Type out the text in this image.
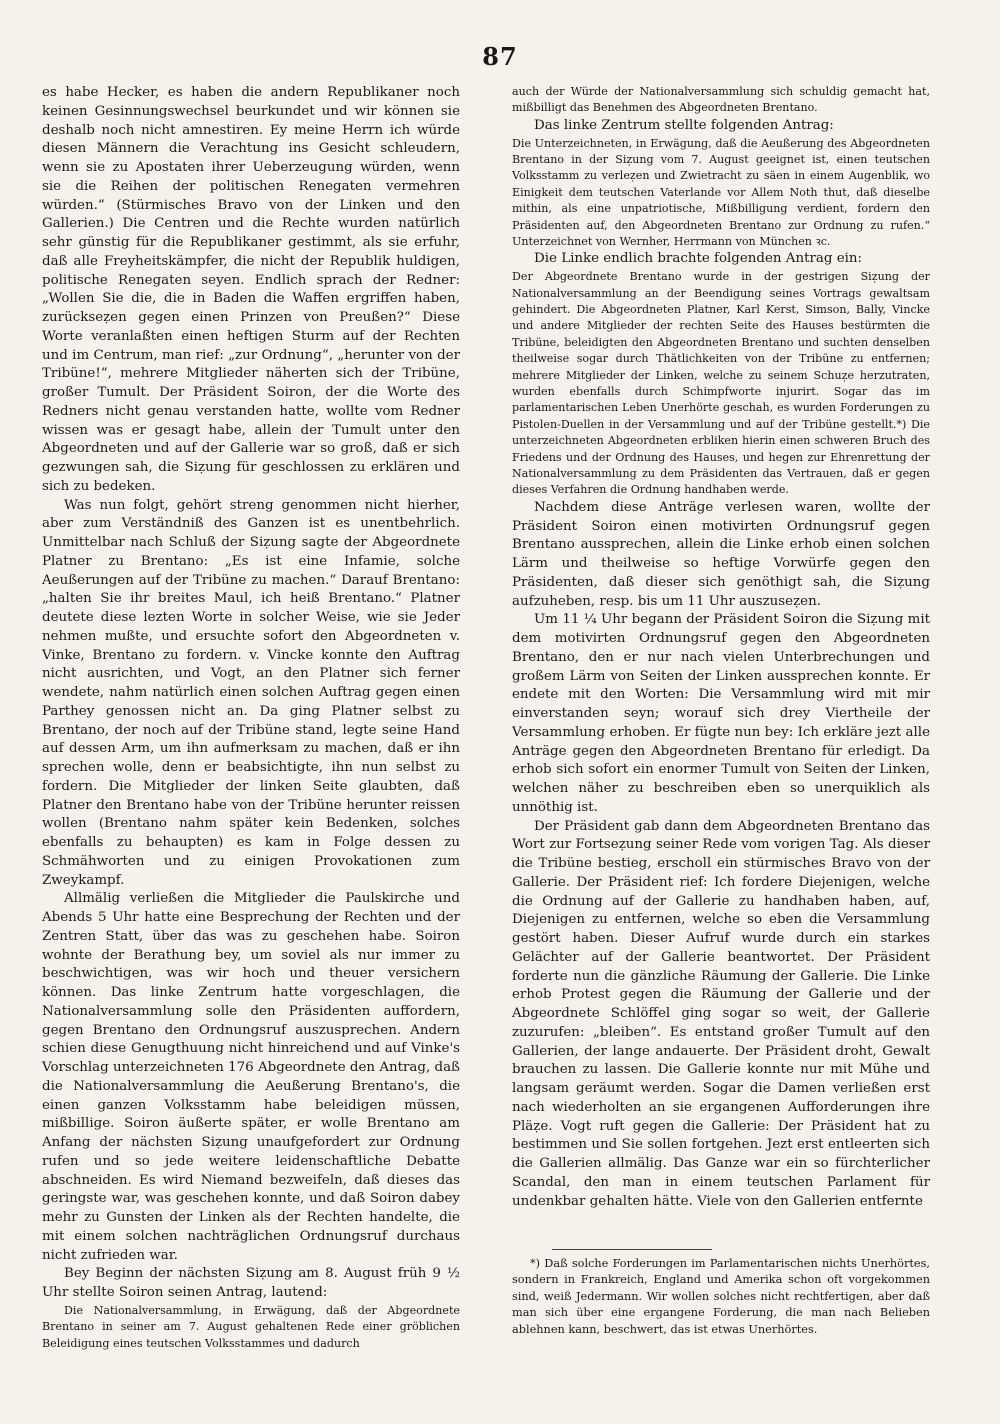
87

es habe Hecker, es haben die andern Republikaner noch keinen Gesinnungswechsel beurkundet und wir können sie deshalb noch nicht amnestiren. Ey meine Herrn ich würde diesen Männern die Verachtung ins Gesicht schleudern, wenn sie zu Apostaten ihrer Ueberzeugung würden, wenn sie die Reihen der politischen Renegaten vermehren würden.“ (Stürmisches Bravo von der Linken und den Gallerien.) Die Centren und die Rechte wurden natürlich sehr günstig für die Republikaner gestimmt, als sie erfuhr, daß alle Freyheitskämpfer, die nicht der Republik huldigen, politische Renegaten seyen. Endlich sprach der Redner: „Wollen Sie die, die in Baden die Waffen ergriffen haben, zurückseẓen gegen einen Prinzen von Preußen?“ Diese Worte veranlaßten einen heftigen Sturm auf der Rechten und im Centrum, man rief: „zur Ordnung“, „herunter von der Tribüne!“, mehrere Mitglieder näherten sich der Tribüne, großer Tumult. Der Präsident Soiron, der die Worte des Redners nicht genau verstanden hatte, wollte vom Redner wissen was er gesagt habe, allein der Tumult unter den Abgeordneten und auf der Gallerie war so groß, daß er sich gezwungen sah, die Siẓung für geschlossen zu erklären und sich zu bedeken.

Was nun folgt, gehört streng genommen nicht hierher, aber zum Verständniß des Ganzen ist es unentbehrlich. Unmittelbar nach Schluß der Siẓung sagte der Abgeordnete Platner zu Brentano: „Es ist eine Infamie, solche Aeußerungen auf der Tribüne zu machen.“ Darauf Brentano: „halten Sie ihr breites Maul, ich heiß Brentano.“ Platner deutete diese lezten Worte in solcher Weise, wie sie Jeder nehmen mußte, und ersuchte sofort den Abgeordneten v. Vinke, Brentano zu fordern. v. Vincke konnte den Auftrag nicht ausrichten, und Vogt, an den Platner sich ferner wendete, nahm natürlich einen solchen Auftrag gegen einen Parthey genossen nicht an. Da ging Platner selbst zu Brentano, der noch auf der Tribüne stand, legte seine Hand auf dessen Arm, um ihn aufmerksam zu machen, daß er ihn sprechen wolle, denn er beabsichtigte, ihn nun selbst zu fordern. Die Mitglieder der linken Seite glaubten, daß Platner den Brentano habe von der Tribüne herunter reissen wollen (Brentano nahm später kein Bedenken, solches ebenfalls zu behaupten) es kam in Folge dessen zu Schmähworten und zu einigen Provokationen zum Zweykampf.

Allmälig verließen die Mitglieder die Paulskirche und Abends 5 Uhr hatte eine Besprechung der Rechten und der Zentren Statt, über das was zu geschehen habe. Soiron wohnte der Berathung bey, um soviel als nur immer zu beschwichtigen, was wir hoch und theuer versichern können. Das linke Zentrum hatte vorgeschlagen, die Nationalversammlung solle den Präsidenten auffordern, gegen Brentano den Ordnungsruf auszusprechen. Andern schien diese Genugthuung nicht hinreichend und auf Vinke's Vorschlag unterzeichneten 176 Abgeordnete den Antrag, daß die Nationalversammlung die Aeußerung Brentano's, die einen ganzen Volksstamm habe beleidigen müssen, mißbillige. Soiron äußerte später, er wolle Brentano am Anfang der nächsten Siẓung unaufgefordert zur Ordnung rufen und so jede weitere leidenschaftliche Debatte abschneiden. Es wird Niemand bezweifeln, daß dieses das geringste war, was geschehen konnte, und daß Soiron dabey mehr zu Gunsten der Linken als der Rechten handelte, die mit einem solchen nachträglichen Ordnungsruf durchaus nicht zufrieden war.

Bey Beginn der nächsten Siẓung am 8. August früh 9 ½ Uhr stellte Soiron seinen Antrag, lautend:

Die Nationalversammlung, in Erwägung, daß der Abgeordnete Brentano in seiner am 7. August gehaltenen Rede einer gröblichen Beleidigung eines teutschen Volksstammes und dadurch

auch der Würde der Nationalversammlung sich schuldig gemacht hat, mißbilligt das Benehmen des Abgeordneten Brentano.

Das linke Zentrum stellte folgenden Antrag:

Die Unterzeichneten, in Erwägung, daß die Aeußerung des Abgeordneten Brentano in der Siẓung vom 7. August geeignet ist, einen teutschen Volksstamm zu verleẓen und Zwietracht zu säen in einem Augenblik, wo Einigkeit dem teutschen Vaterlande vor Allem Noth thut, daß dieselbe mithin, als eine unpatriotische, Mißbilligung verdient, fordern den Präsidenten auf, den Abgeordneten Brentano zur Ordnung zu rufen.“ Unterzeichnet von Wernher, Herrmann von München ꝛc.

Die Linke endlich brachte folgenden Antrag ein:

Der Abgeordnete Brentano wurde in der gestrigen Siẓung der Nationalversammlung an der Beendigung seines Vortrags gewaltsam gehindert. Die Abgeordneten Platner, Karl Kerst, Simson, Bally, Vincke und andere Mitglieder der rechten Seite des Hauses bestürmten die Tribüne, beleidigten den Abgeordneten Brentano und suchten denselben theilweise sogar durch Thätlichkeiten von der Tribüne zu entfernen; mehrere Mitglieder der Linken, welche zu seinem Schuẓe herzutraten, wurden ebenfalls durch Schimpfworte injurirt. Sogar das im parlamentarischen Leben Unerhörte geschah, es wurden Forderungen zu Pistolen-Duellen in der Versammlung und auf der Tribüne gestellt.*) Die unterzeichneten Abgeordneten erbliken hierin einen schweren Bruch des Friedens und der Ordnung des Hauses, und hegen zur Ehrenrettung der Nationalversammlung zu dem Präsidenten das Vertrauen, daß er gegen dieses Verfahren die Ordnung handhaben werde.

Nachdem diese Anträge verlesen waren, wollte der Präsident Soiron einen motivirten Ordnungsruf gegen Brentano aussprechen, allein die Linke erhob einen solchen Lärm und theilweise so heftige Vorwürfe gegen den Präsidenten, daß dieser sich genöthigt sah, die Siẓung aufzuheben, resp. bis um 11 Uhr auszuseẓen.

Um 11 ¼ Uhr begann der Präsident Soiron die Siẓung mit dem motivirten Ordnungsruf gegen den Abgeordneten Brentano, den er nur nach vielen Unterbrechungen und großem Lärm von Seiten der Linken aussprechen konnte. Er endete mit den Worten: Die Versammlung wird mit mir einverstanden seyn; worauf sich drey Viertheile der Versammlung erhoben. Er fügte nun bey: Ich erkläre jezt alle Anträge gegen den Abgeordneten Brentano für erledigt. Da erhob sich sofort ein enormer Tumult von Seiten der Linken, welchen näher zu beschreiben eben so unerquiklich als unnöthig ist.

Der Präsident gab dann dem Abgeordneten Brentano das Wort zur Fortseẓung seiner Rede vom vorigen Tag. Als dieser die Tribüne bestieg, erscholl ein stürmisches Bravo von der Gallerie. Der Präsident rief: Ich fordere Diejenigen, welche die Ordnung auf der Gallerie zu handhaben haben, auf, Diejenigen zu entfernen, welche so eben die Versammlung gestört haben. Dieser Aufruf wurde durch ein starkes Gelächter auf der Gallerie beantwortet. Der Präsident forderte nun die gänzliche Räumung der Gallerie. Die Linke erhob Protest gegen die Räumung der Gallerie und der Abgeordnete Schlöffel ging sogar so weit, der Gallerie zuzurufen: „bleiben“. Es entstand großer Tumult auf den Gallerien, der lange andauerte. Der Präsident droht, Gewalt brauchen zu lassen. Die Gallerie konnte nur mit Mühe und langsam geräumt werden. Sogar die Damen verließen erst nach wiederholten an sie ergangenen Aufforderungen ihre Pläẓe. Vogt ruft gegen die Gallerie: Der Präsident hat zu bestimmen und Sie sollen fortgehen. Jezt erst entleerten sich die Gallerien allmälig. Das Ganze war ein so fürchterlicher Scandal, den man in einem teutschen Parlament für undenkbar gehalten hätte. Viele von den Gallerien entfernte

*) Daß solche Forderungen im Parlamentarischen nichts Unerhörtes, sondern in Frankreich, England und Amerika schon oft vorgekommen sind, weiß Jedermann. Wir wollen solches nicht rechtfertigen, aber daß man sich über eine ergangene Forderung, die man nach Belieben ablehnen kann, beschwert, das ist etwas Unerhörtes.
